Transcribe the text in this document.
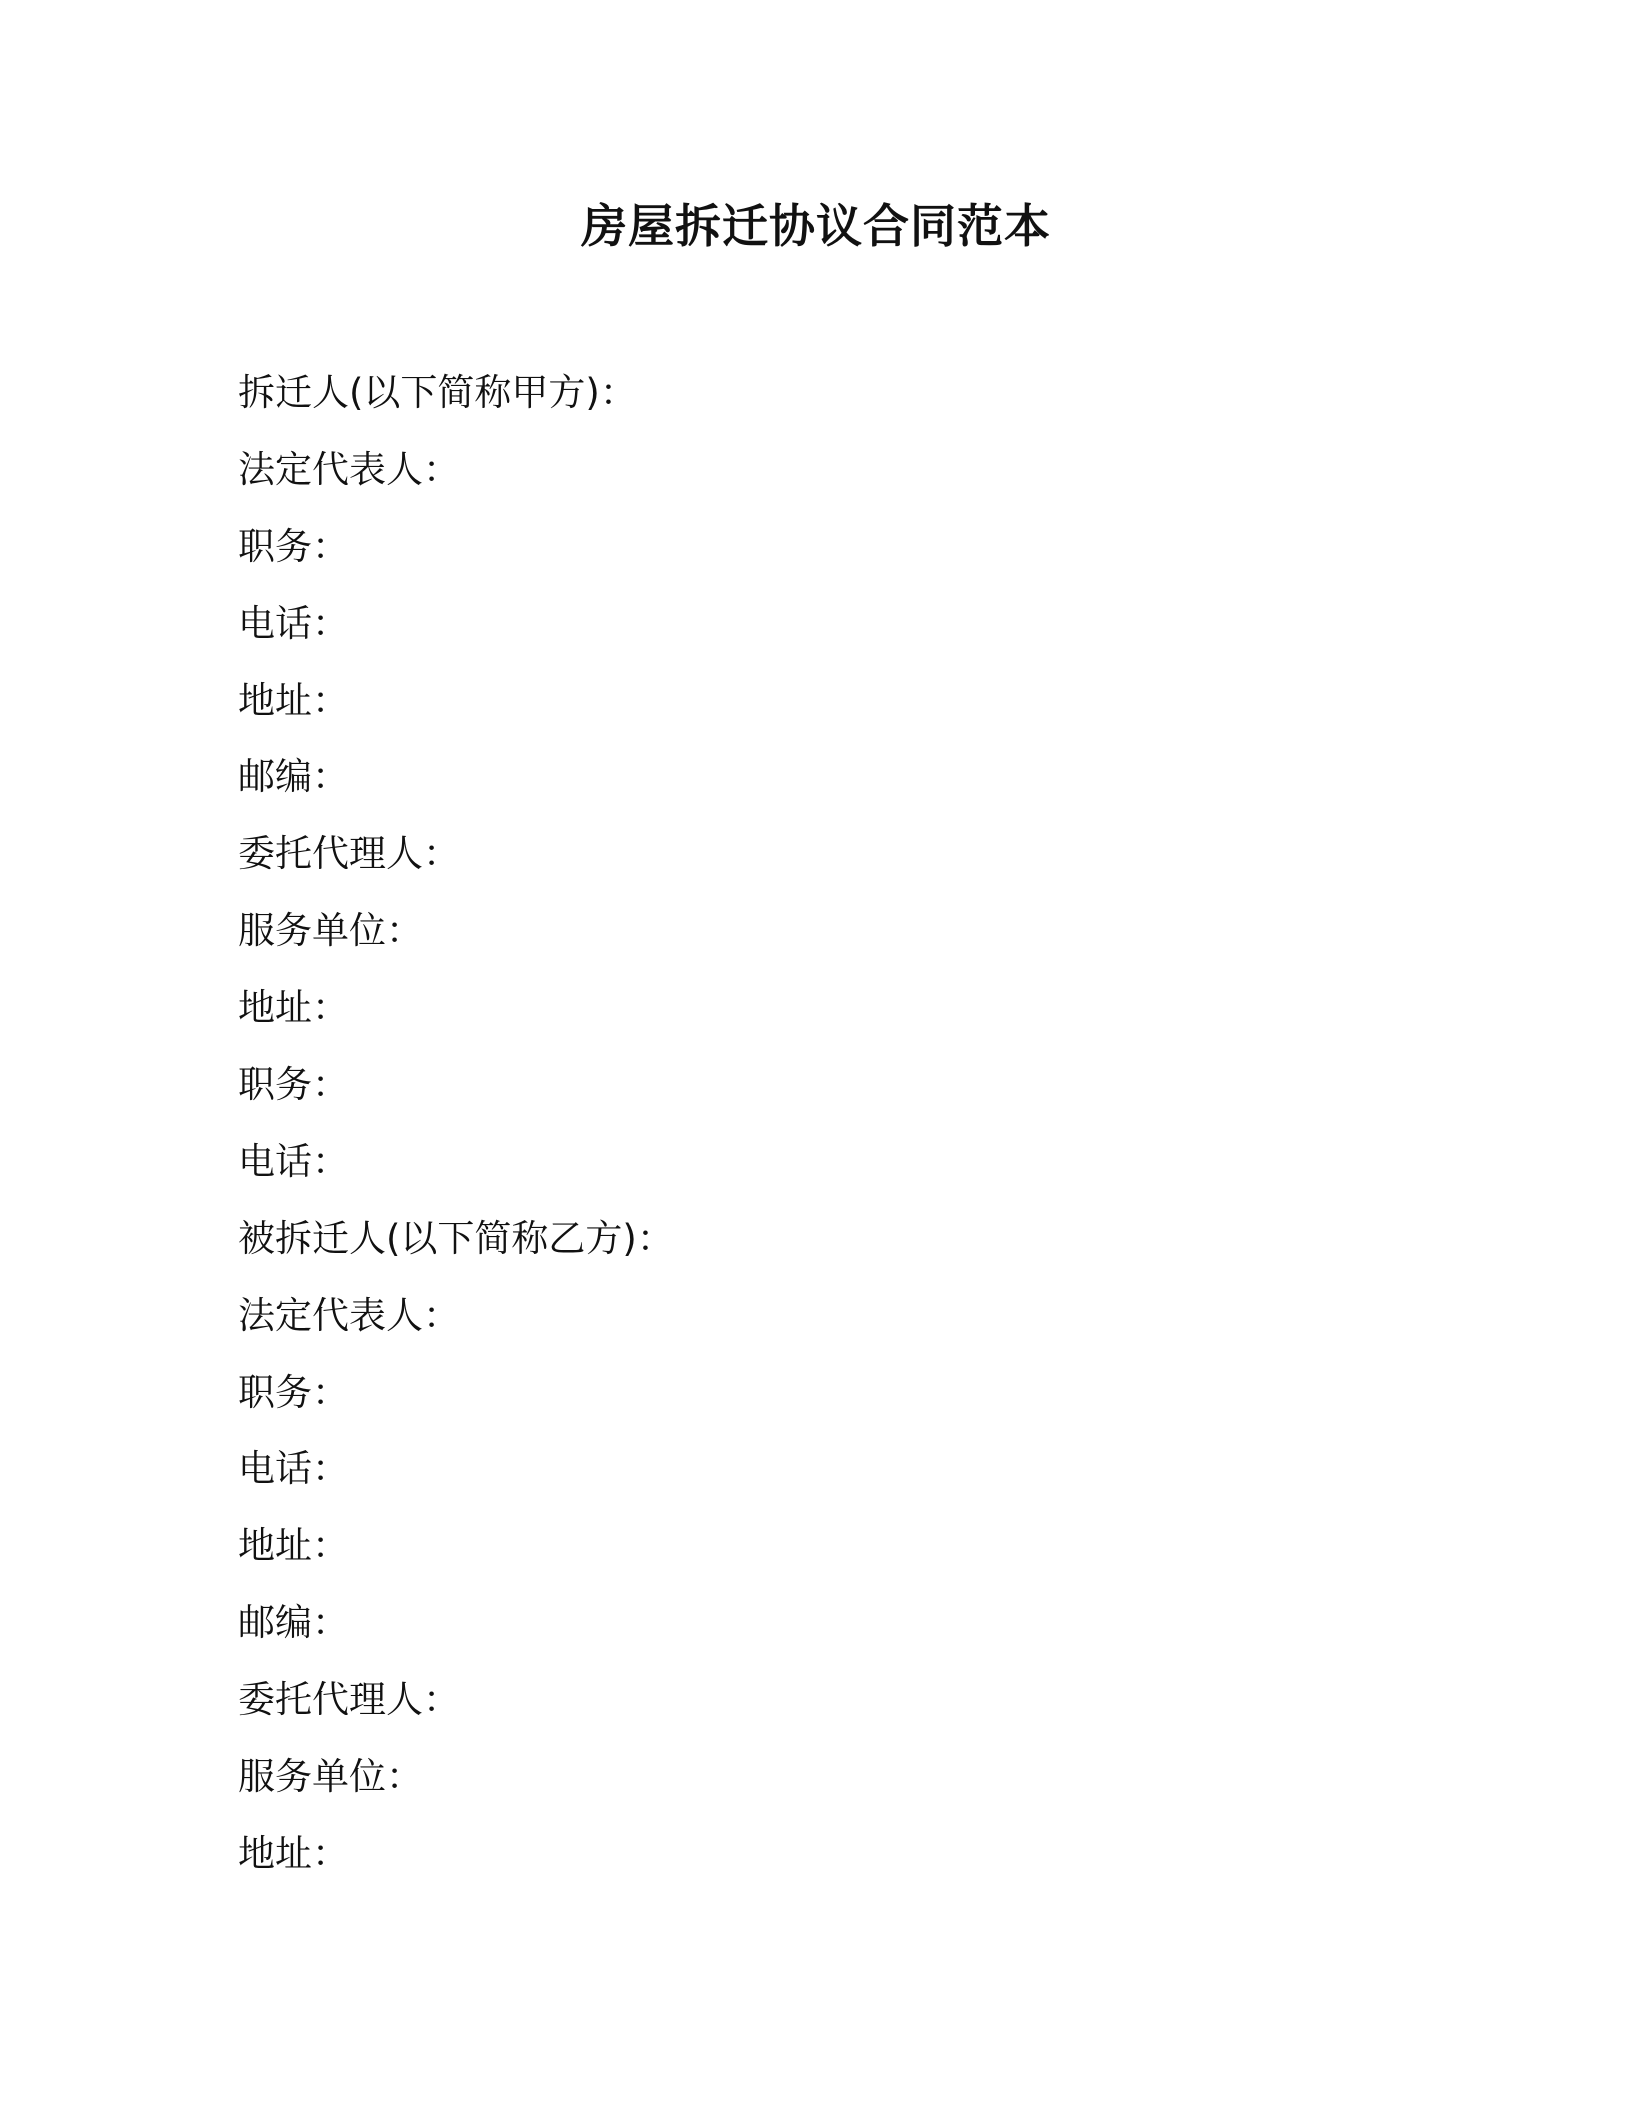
房屋拆迁协议合同范本
拆迁人(以下简称甲方)：
法定代表人：
职务：
电话：
地址：
邮编：
委托代理人：
服务单位：
地址：
职务：
电话：
被拆迁人(以下简称乙方)：
法定代表人：
职务：
电话：
地址：
邮编：
委托代理人：
服务单位：
地址：
